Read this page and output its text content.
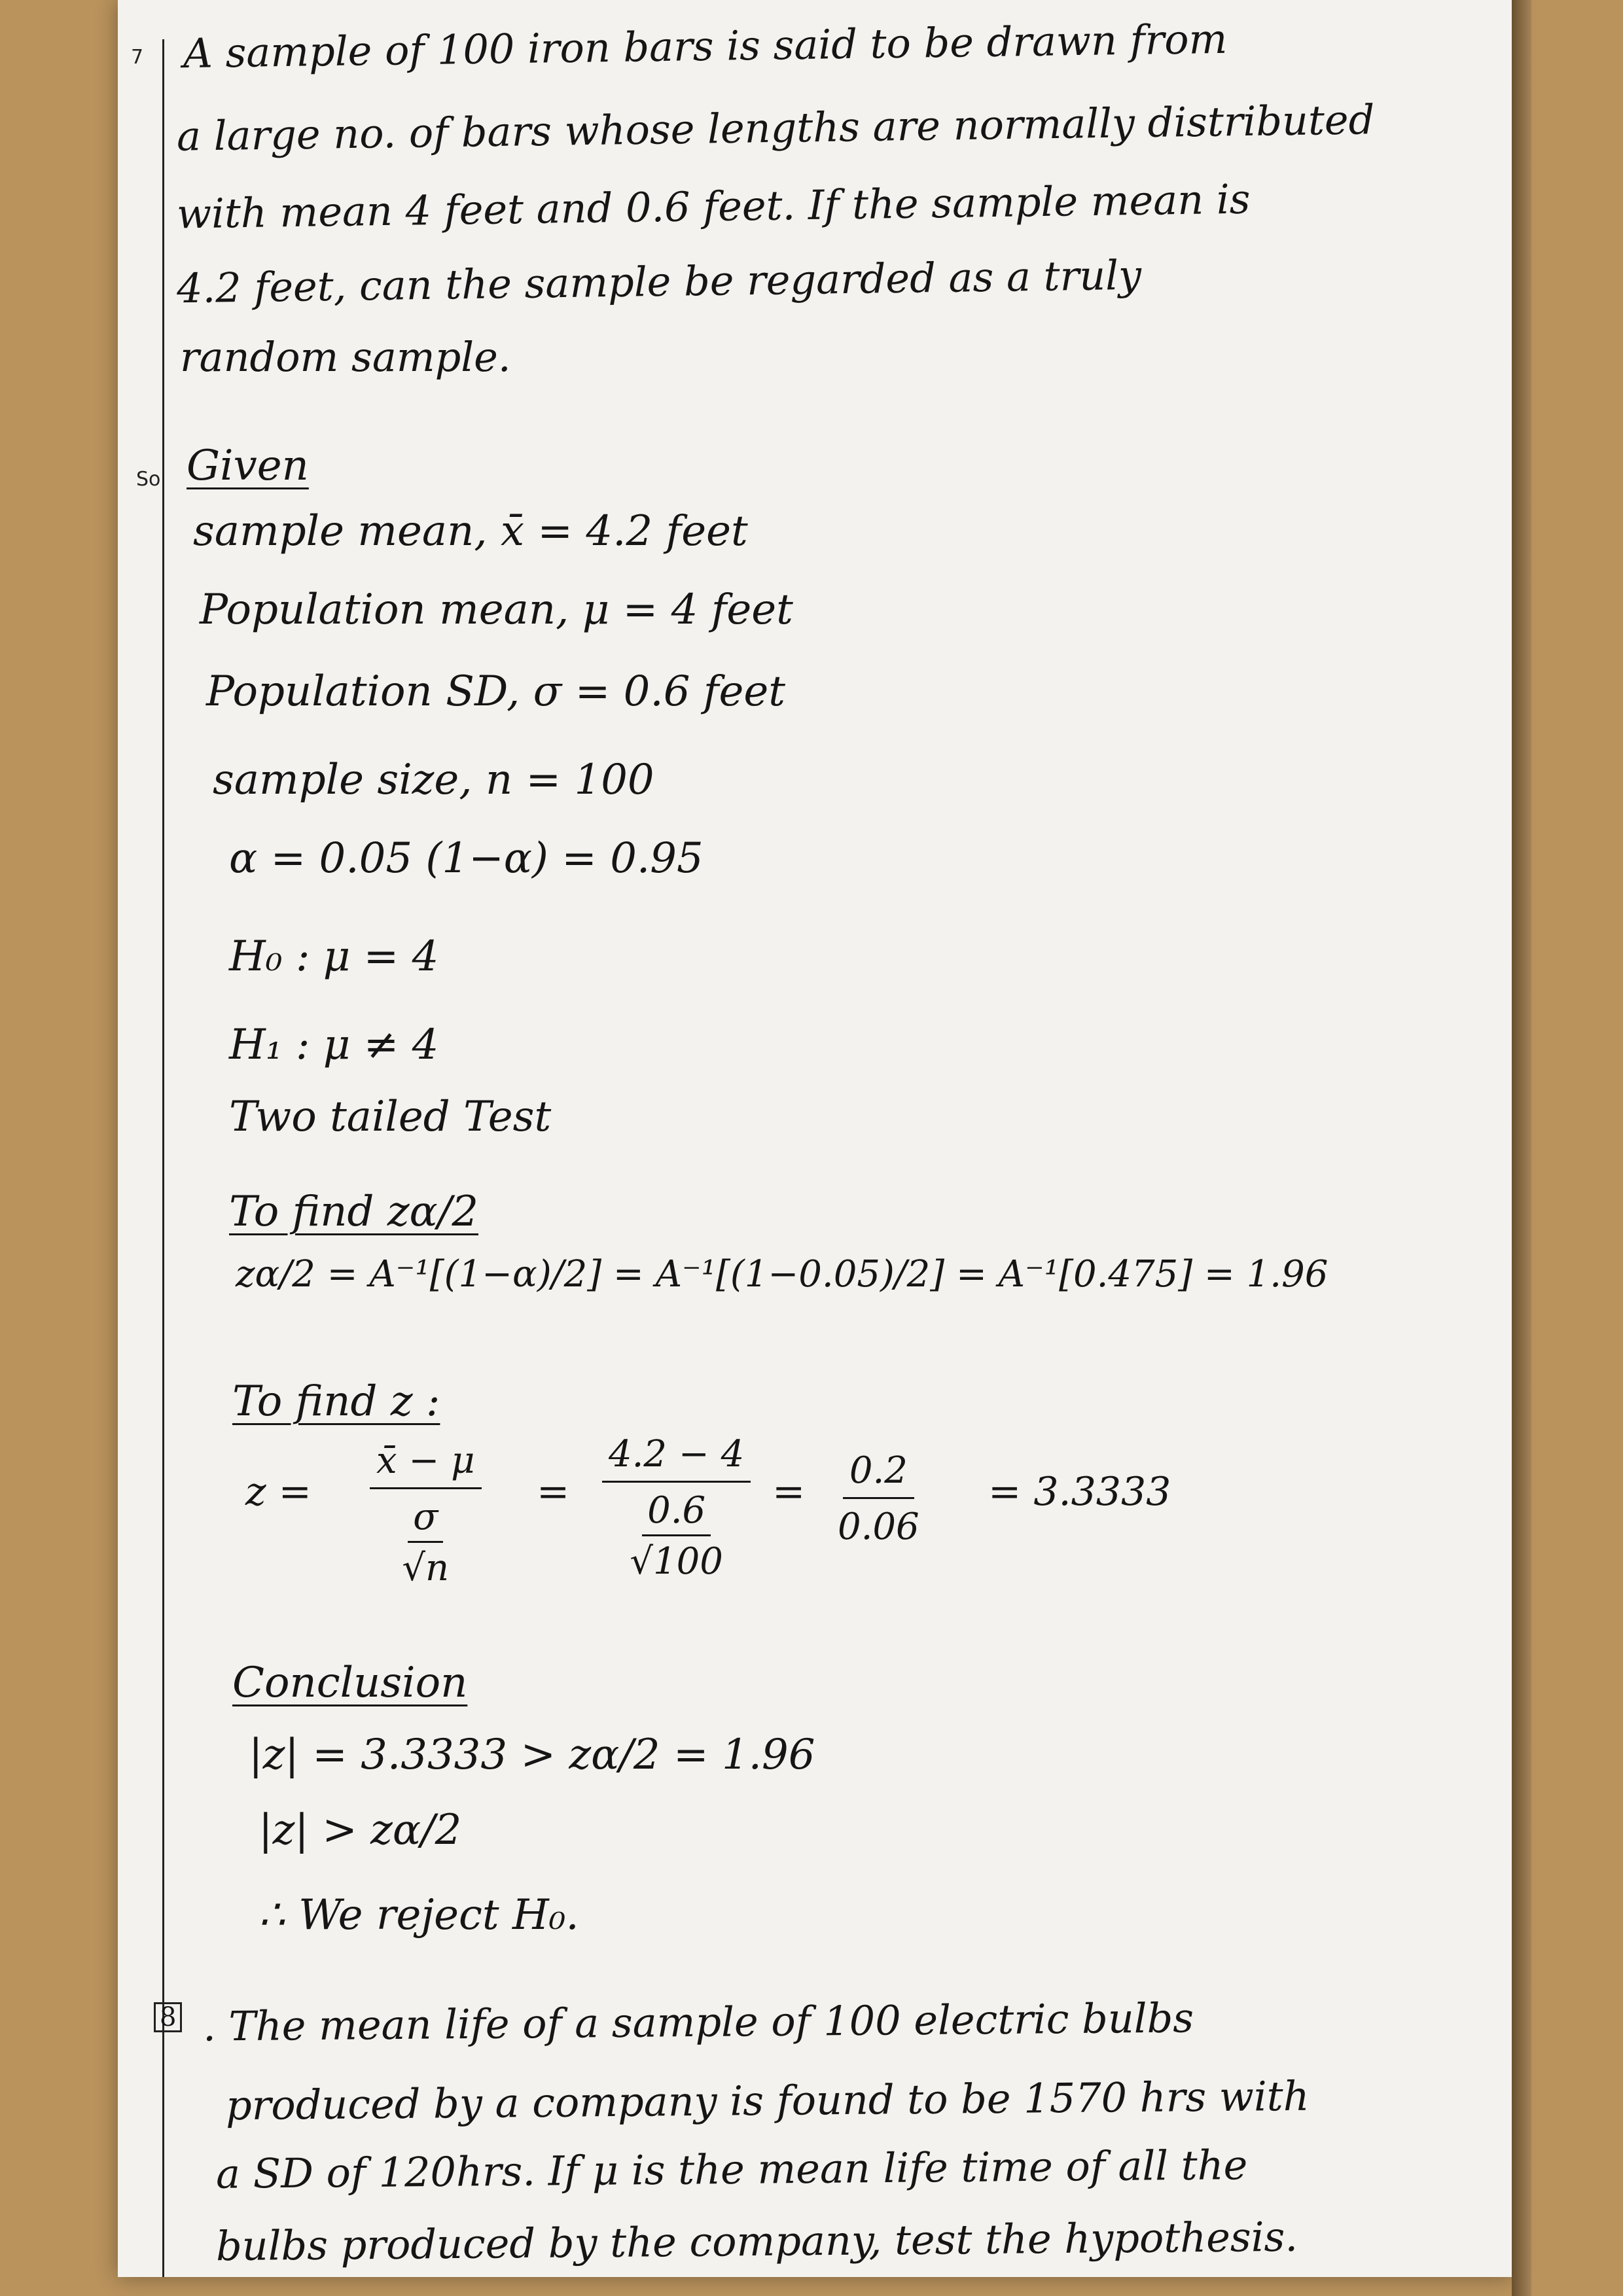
7 A sample of 100 iron bars is said to be drawn from
a large no. of bars whose lengths are normally distributed
with mean 4 feet and 0.6 feet. If the sample mean is
4.2 feet, can the sample be regarded as a truly
random sample.
Sol Given
sample mean, x̄ = 4.2 feet
Population mean, μ = 4 feet
Population SD, σ = 0.6 feet
sample size, n = 100
α = 0.05 (1−α) = 0.95
H₀ : μ = 4
H₁ : μ ≠ 4
Two tailed Test
To find zα/2
zα/2 = A⁻¹[(1−α)/2] = A⁻¹[(1−0.05)/2] = A⁻¹[0.475] = 1.96
To find z :
z = x̄ − μ
σ
√n = 4.2 − 4
0.6
$√100 = \frac{0.2}{0.06} = 3.3333$
Conclusion
|z| = 3.3333 > zα/2 = 1.96
|z| > zα/2
∴ We reject H₀.
8 . The mean life of a sample of 100 electric bulbs
produced by a company is found to be 1570 hrs with
a SD of 120hrs. If μ is the mean life time of all the
bulbs produced by the company, test the hypothesis.
